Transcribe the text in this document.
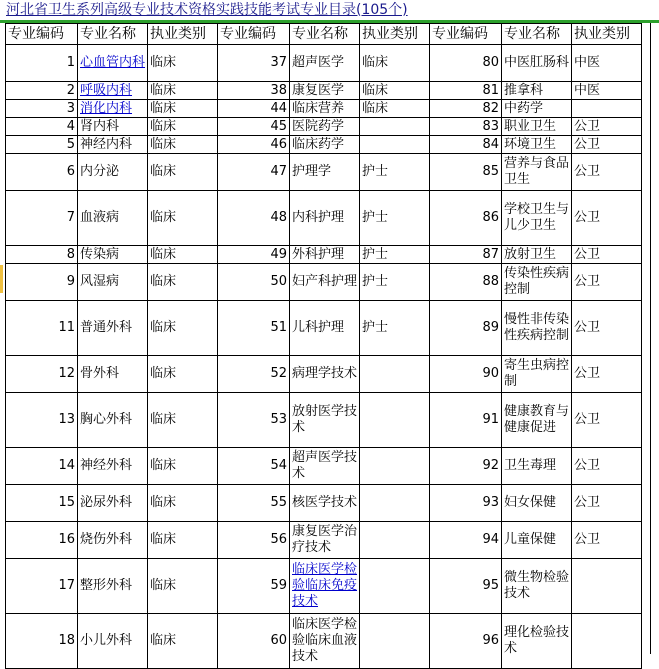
河北省卫生系列高级专业技术资格实践技能考试专业目录(105个)
专业编码	专业名称	执业类别	专业编码	专业名称	执业类别	专业编码	专业名称	执业类别
1	心血管内科	临床	37	超声医学	临床	80	中医肛肠科	中医
2	呼吸内科	临床	38	康复医学	临床	81	推拿科	中医
3	消化内科	临床	44	临床营养	临床	82	中药学	
4	肾内科	临床	45	医院药学		83	职业卫生	公卫
5	神经内科	临床	46	临床药学		84	环境卫生	公卫
6	内分泌	临床	47	护理学	护士	85	营养与食品卫生	公卫
7	血液病	临床	48	内科护理	护士	86	学校卫生与儿少卫生	公卫
8	传染病	临床	49	外科护理	护士	87	放射卫生	公卫
9	风湿病	临床	50	妇产科护理	护士	88	传染性疾病控制	公卫
11	普通外科	临床	51	儿科护理	护士	89	慢性非传染性疾病控制	公卫
12	骨外科	临床	52	病理学技术		90	寄生虫病控制	公卫
13	胸心外科	临床	53	放射医学技术		91	健康教育与健康促进	公卫
14	神经外科	临床	54	超声医学技术		92	卫生毒理	公卫
15	泌尿外科	临床	55	核医学技术		93	妇女保健	公卫
16	烧伤外科	临床	56	康复医学治疗技术		94	儿童保健	公卫
17	整形外科	临床	59	临床医学检验临床免疫技术		95	微生物检验技术	
18	小儿外科	临床	60	临床医学检验临床血液技术		96	理化检验技术	
